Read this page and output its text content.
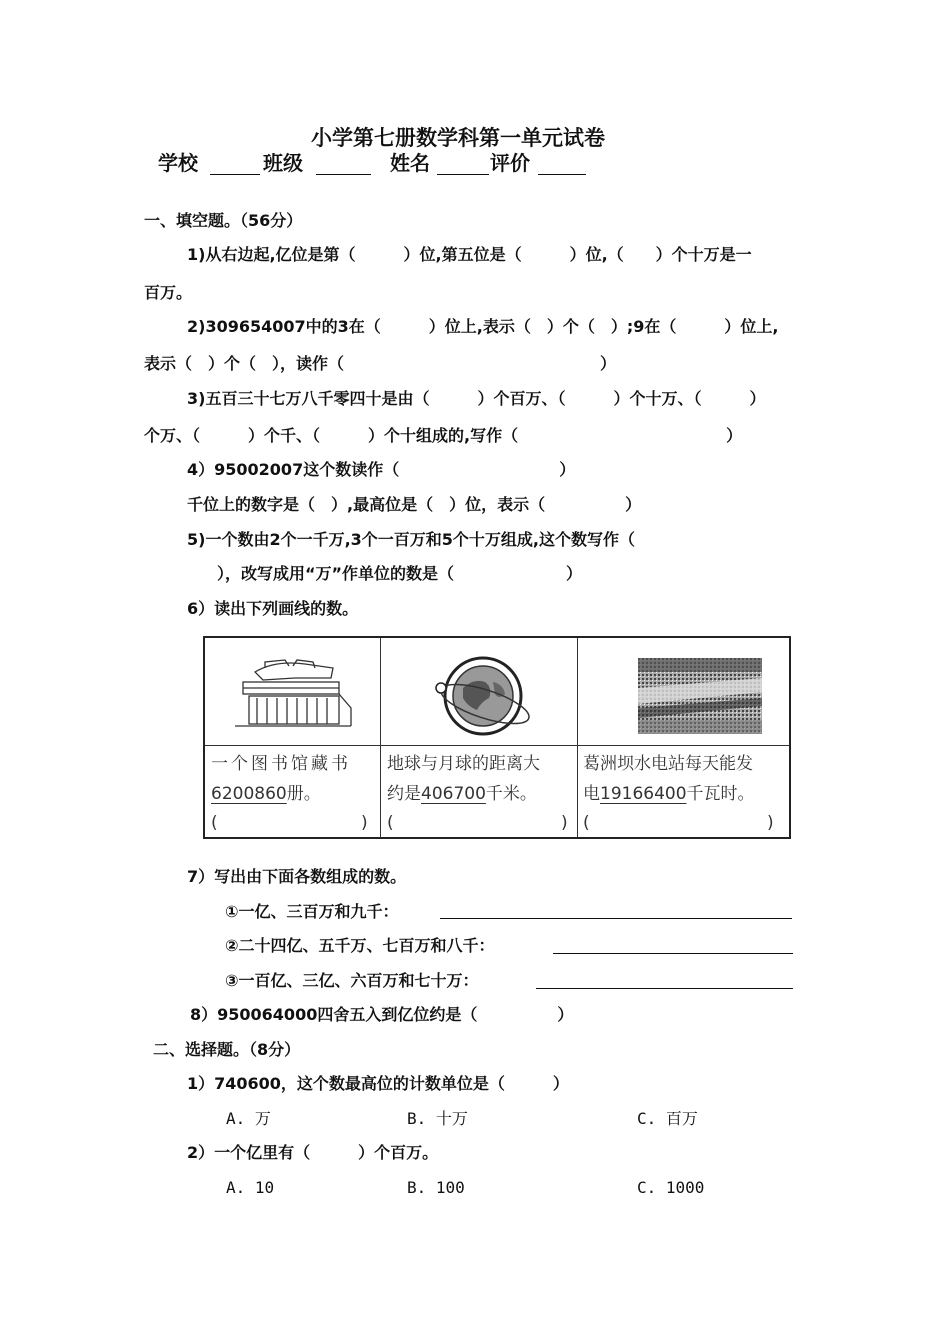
小学第七册数学科第一单元试卷
学校	班级	姓名	评价
一、填空题。（56分）
1)从右边起,亿位是第（　　　）位,第五位是（　　　）位,（　　）个十万是一
百万。
2)309654007中的3在（　　　）位上,表示（　）个（　）;9在（　　　）位上,
表示（　）个（　），读作（　　　　　　　　　　　　　　　　）
3)五百三十七万八千零四十是由（　　　）个百万、（　　　）个十万、（　　　）
个万、（　　　）个千、（　　　）个十组成的,写作（　　　　　　　　　　　　　）
4）95002007这个数读作（　　　　　　　　　　）
千位上的数字是（　）,最高位是（　）位，表示（　　　　　）
5)一个数由2个一千万,3个一百万和5个十万组成,这个数写作（
），改写成用“万”作单位的数是（　　　　　　　）
6）读出下列画线的数。
一个图书馆藏书
6200860册。
(	)
地球与月球的距离大
约是406700千米。
(	)
葛洲坝水电站每天能发
电19166400千瓦时。
(	)
7）写出由下面各数组成的数。
①一亿、三百万和九千：
②二十四亿、五千万、七百万和八千：
③一百亿、三亿、六百万和七十万：
8）950064000四舍五入到亿位约是（　　　　　）
二、选择题。（8分）
1）740600，这个数最高位的计数单位是（　　　）
A. 万	B. 十万	C. 百万
2）一个亿里有（　　　）个百万。
A. 10	B. 100	C. 1000
